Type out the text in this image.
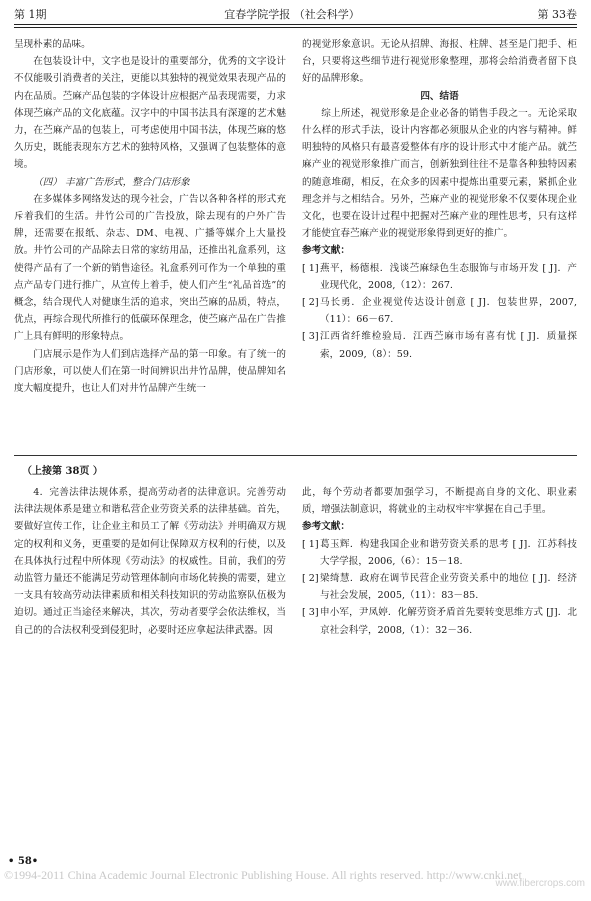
第 1期	宜春学院学报 （社会科学）	第 33卷

呈现朴素的品味。

在包装设计中，文字也是设计的重要部分，优秀的文字设计不仅能吸引消费者的关注，更能以其独特的视觉效果表现产品的内在品质。苎麻产品包装的字体设计应根据产品表现需要，力求体现苎麻产品的文化底蕴。汉字中的中国书法具有深邃的艺术魅力，在苎麻产品的包装上，可考虑使用中国书法，体现苎麻的悠久历史，既能表现东方艺术的独特风格，又强调了包装整体的意境。

（四） 丰富广告形式，整合门店形象

在多媒体多网络发达的现今社会，广告以各种各样的形式充斥着我们的生活。井竹公司的广告投放，除去现有的户外广告牌，还需要在报纸、杂志、DM、电视、广播等媒介上大量投放。井竹公司的产品除去日常的家纺用品，还推出礼盒系列，这使得产品有了一个新的销售途径。礼盒系列可作为一个单独的重点产品专门进行推广，从宣传上着手，使人们产生“礼品首选”的概念，结合现代人对健康生活的追求，突出苎麻的品质，特点，优点，再综合现代所推行的低碳环保理念，使苎麻产品在广告推广上具有鲜明的形象特点。

门店展示是作为人们到店选择产品的第一印象。有了统一的门店形象，可以使人们在第一时间辨识出井竹品牌，使品牌知名度大幅度提升，也让人们对井竹品牌产生统一

的视觉形象意识。无论从招牌、海报、柱牌、甚至是门把手、柜台，只要将这些细节进行视觉形象整理，那将会给消费者留下良好的品牌形象。

四、结语

综上所述，视觉形象是企业必备的销售手段之一。无论采取什么样的形式手法，设计内容都必须服从企业的内容与精神。鲜明独特的风格只有最喜爱整体有序的设计形式中才能产品。就苎麻产业的视觉形象推广而言，创新独到往往不是靠各种独特因素的随意堆砌，相反，在众多的因素中提炼出重要元素，紧抓企业理念并与之相结合。另外，苎麻产业的视觉形象不仅要体现企业文化，也要在设计过程中把握对苎麻产业的理性思考，只有这样才能使宜春苎麻产业的视觉形象得到更好的推广。

参考文献：

[ 1] 燕平，杨德根．浅谈苎麻绿色生态服饰与市场开发 [ J]．产业现代化，2008,（12）：267.
[ 2] 马长勇．企业视觉传达设计创意 [ J]．包装世界，2007,（11）：66－67.
[ 3] 江西省纤维检验局．江西苎麻市场有喜有忧 [ J]．质量探索，2009,（8）：59.
（上接第 38页 ）

4．完善法律法规体系，提高劳动者的法律意识。完善劳动法律法规体系是建立和谐私营企业劳资关系的法律基础。首先，要做好宣传工作，让企业主和员工了解《劳动法》并明确双方规定的权利和义务，更重要的是如何让保障双方权利的行使，以及在具体执行过程中所体现《劳动法》的权威性。目前，我们的劳动监管力量还不能满足劳动管理体制向市场化转换的需要，建立一支具有较高劳动法律素质和相关科技知识的劳动监察队伍极为迫切。通过正当途径来解决，其次，劳动者要学会依法维权，当自己的的合法权利受到侵犯时，必要时还应拿起法律武器。因

此，每个劳动者都要加强学习，不断提高自身的文化、职业素质，增强法制意识，将就业的主动权牢牢掌握在自己手里。

参考文献：

[ 1] 葛玉辉．构建我国企业和谐劳资关系的思考 [ J]．江苏科技大学学报，2006,（6）：15－18.
[ 2] 梁绮慧．政府在调节民营企业劳资关系中的地位 [ J]．经济与社会发展，2005,（11）：83－85.
[ 3] 申小军，尹凤婷．化解劳资矛盾首先要转变思维方式 [J]．北京社会科学，2008,（1）：32－36.
• 58•
©1994-2011 China Academic Journal Electronic Publishing House. All rights reserved. http://www.cnki.net
www.fibercrops.com
